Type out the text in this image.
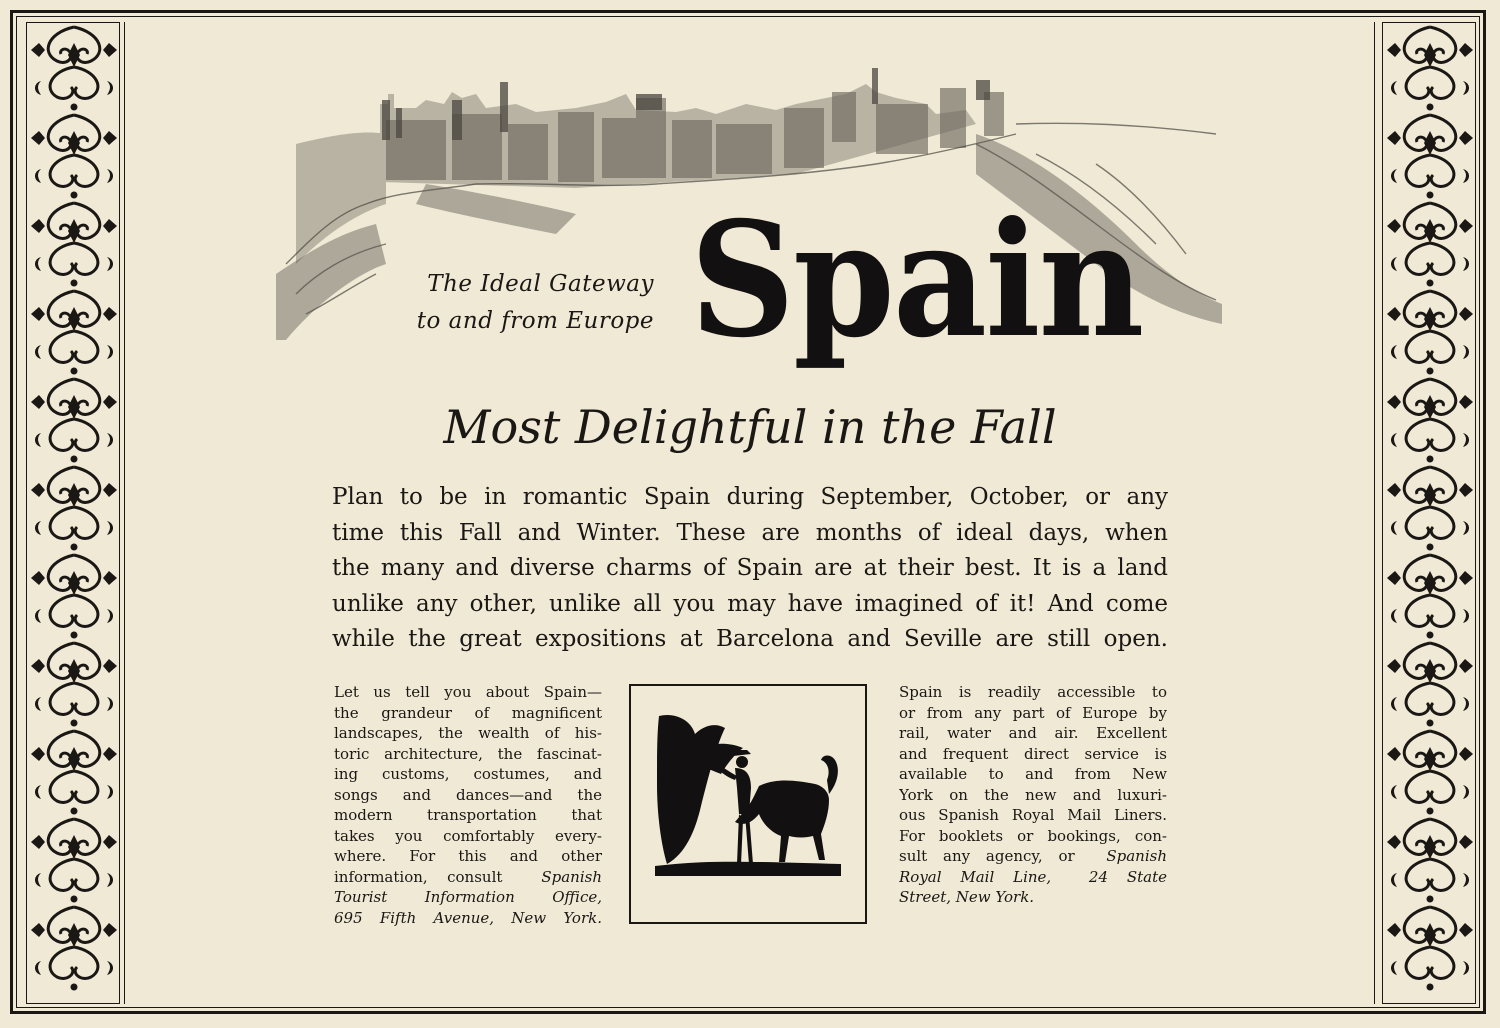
The Ideal Gateway
to and from Europe Spain
Most Delightful in the Fall
Plan to be in romantic Spain during September, October, or any
time this Fall and Winter. These are months of ideal days, when
the many and diverse charms of Spain are at their best. It is a land
unlike any other, unlike all you may have imagined of it! And come
while the great expositions at Barcelona and Seville are still open.
Let us tell you about Spain—
the grandeur of magnificent
landscapes, the wealth of his-
toric architecture, the fascinat-
ing customs, costumes, and
songs and dances—and the
modern transportation that
takes you comfortably every-
where. For this and other
information, consult	Spanish
Tourist Information Office,
695 Fifth Avenue, New York.
Spain is readily accessible to
or from any part of Europe by
rail, water and air. Excellent
and frequent direct service is
available to and from New
York on the new and luxuri-
ous Spanish Royal Mail Liners.
For booklets or bookings, con-
sult any agency, or Spanish
Royal Mail Line,	24 State
Street, New York.
